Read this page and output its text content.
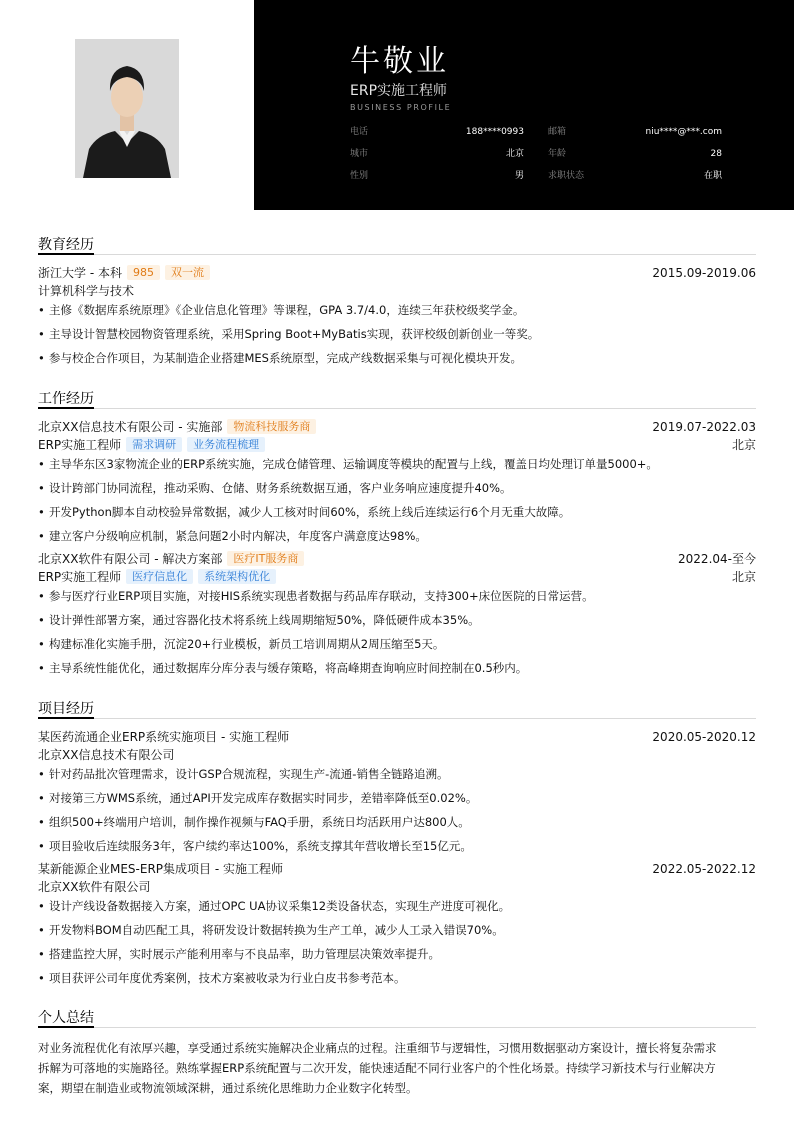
牛敬业
ERP实施工程师
BUSINESS PROFILE
电话	188****0993	邮箱	niu****@***.com
城市	北京	年龄	28
性别	男	求职状态	在职
教育经历
浙江大学 - 本科 985 双一流	2015.09-2019.06
计算机科学与技术
• 主修《数据库系统原理》《企业信息化管理》等课程，GPA 3.7/4.0，连续三年获校级奖学金。
• 主导设计智慧校园物资管理系统，采用Spring Boot+MyBatis实现，获评校级创新创业一等奖。
• 参与校企合作项目，为某制造企业搭建MES系统原型，完成产线数据采集与可视化模块开发。
工作经历
北京XX信息技术有限公司 - 实施部 物流科技服务商	2019.07-2022.03
ERP实施工程师 需求调研 业务流程梳理	北京
• 主导华东区3家物流企业的ERP系统实施，完成仓储管理、运输调度等模块的配置与上线，覆盖日均处理订单量5000+。
• 设计跨部门协同流程，推动采购、仓储、财务系统数据互通，客户业务响应速度提升40%。
• 开发Python脚本自动校验异常数据，减少人工核对时间60%，系统上线后连续运行6个月无重大故障。
• 建立客户分级响应机制，紧急问题2小时内解决，年度客户满意度达98%。
北京XX软件有限公司 - 解决方案部 医疗IT服务商	2022.04-至今
ERP实施工程师 医疗信息化 系统架构优化	北京
• 参与医疗行业ERP项目实施，对接HIS系统实现患者数据与药品库存联动，支持300+床位医院的日常运营。
• 设计弹性部署方案，通过容器化技术将系统上线周期缩短50%，降低硬件成本35%。
• 构建标准化实施手册，沉淀20+行业模板，新员工培训周期从2周压缩至5天。
• 主导系统性能优化，通过数据库分库分表与缓存策略，将高峰期查询响应时间控制在0.5秒内。
项目经历
某医药流通企业ERP系统实施项目 - 实施工程师	2020.05-2020.12
北京XX信息技术有限公司
• 针对药品批次管理需求，设计GSP合规流程，实现生产-流通-销售全链路追溯。
• 对接第三方WMS系统，通过API开发完成库存数据实时同步，差错率降低至0.02%。
• 组织500+终端用户培训，制作操作视频与FAQ手册，系统日均活跃用户达800人。
• 项目验收后连续服务3年，客户续约率达100%，系统支撑其年营收增长至15亿元。
某新能源企业MES-ERP集成项目 - 实施工程师	2022.05-2022.12
北京XX软件有限公司
• 设计产线设备数据接入方案，通过OPC UA协议采集12类设备状态，实现生产进度可视化。
• 开发物料BOM自动匹配工具，将研发设计数据转换为生产工单，减少人工录入错误70%。
• 搭建监控大屏，实时展示产能利用率与不良品率，助力管理层决策效率提升。
• 项目获评公司年度优秀案例，技术方案被收录为行业白皮书参考范本。
个人总结
对业务流程优化有浓厚兴趣，享受通过系统实施解决企业痛点的过程。注重细节与逻辑性，习惯用数据驱动方案设计，擅长将复杂需求
拆解为可落地的实施路径。熟练掌握ERP系统配置与二次开发，能快速适配不同行业客户的个性化场景。持续学习新技术与行业解决方
案，期望在制造业或物流领域深耕，通过系统化思维助力企业数字化转型。
